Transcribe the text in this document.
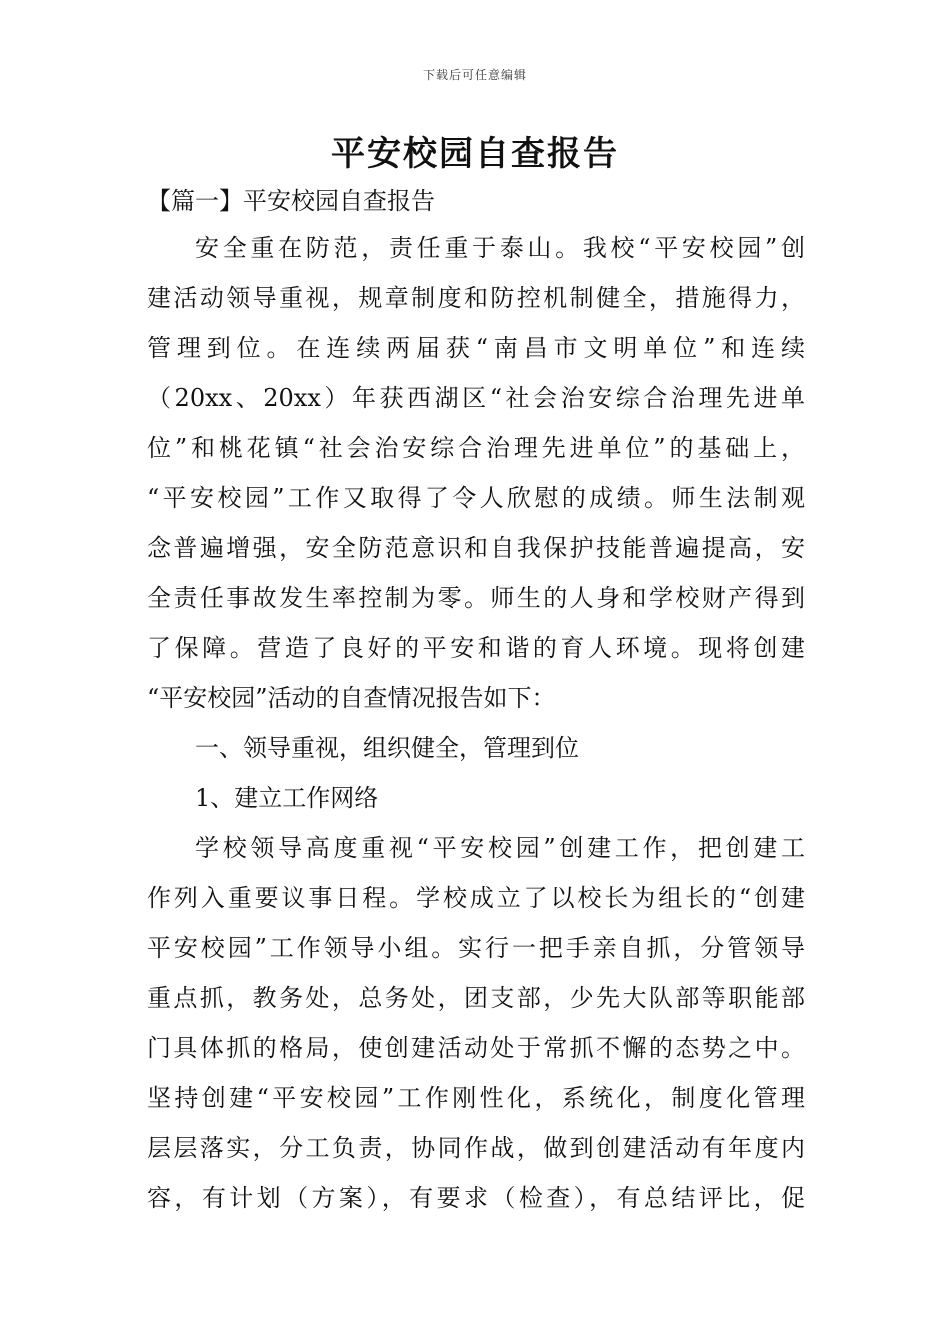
下载后可任意编辑
平安校园自查报告
【篇一】平安校园自查报告

安全重在防范，责任重于泰山。我校“平安校园”创

建活动领导重视，规章制度和防控机制健全，措施得力，

管理到位。在连续两届获“南昌市文明单位”和连续

（20xx、20xx）年获西湖区“社会治安综合治理先进单

位”和桃花镇“社会治安综合治理先进单位”的基础上，

“平安校园”工作又取得了令人欣慰的成绩。师生法制观

念普遍增强，安全防范意识和自我保护技能普遍提高，安

全责任事故发生率控制为零。师生的人身和学校财产得到

了保障。营造了良好的平安和谐的育人环境。现将创建

“平安校园”活动的自查情况报告如下：

一、领导重视，组织健全，管理到位

1、建立工作网络

学校领导高度重视“平安校园”创建工作，把创建工

作列入重要议事日程。学校成立了以校长为组长的“创建

平安校园”工作领导小组。实行一把手亲自抓，分管领导

重点抓，教务处，总务处，团支部，少先大队部等职能部

门具体抓的格局，使创建活动处于常抓不懈的态势之中。

坚持创建“平安校园”工作刚性化，系统化，制度化管理

层层落实，分工负责，协同作战，做到创建活动有年度内

容，有计划（方案），有要求（检查），有总结评比，促
